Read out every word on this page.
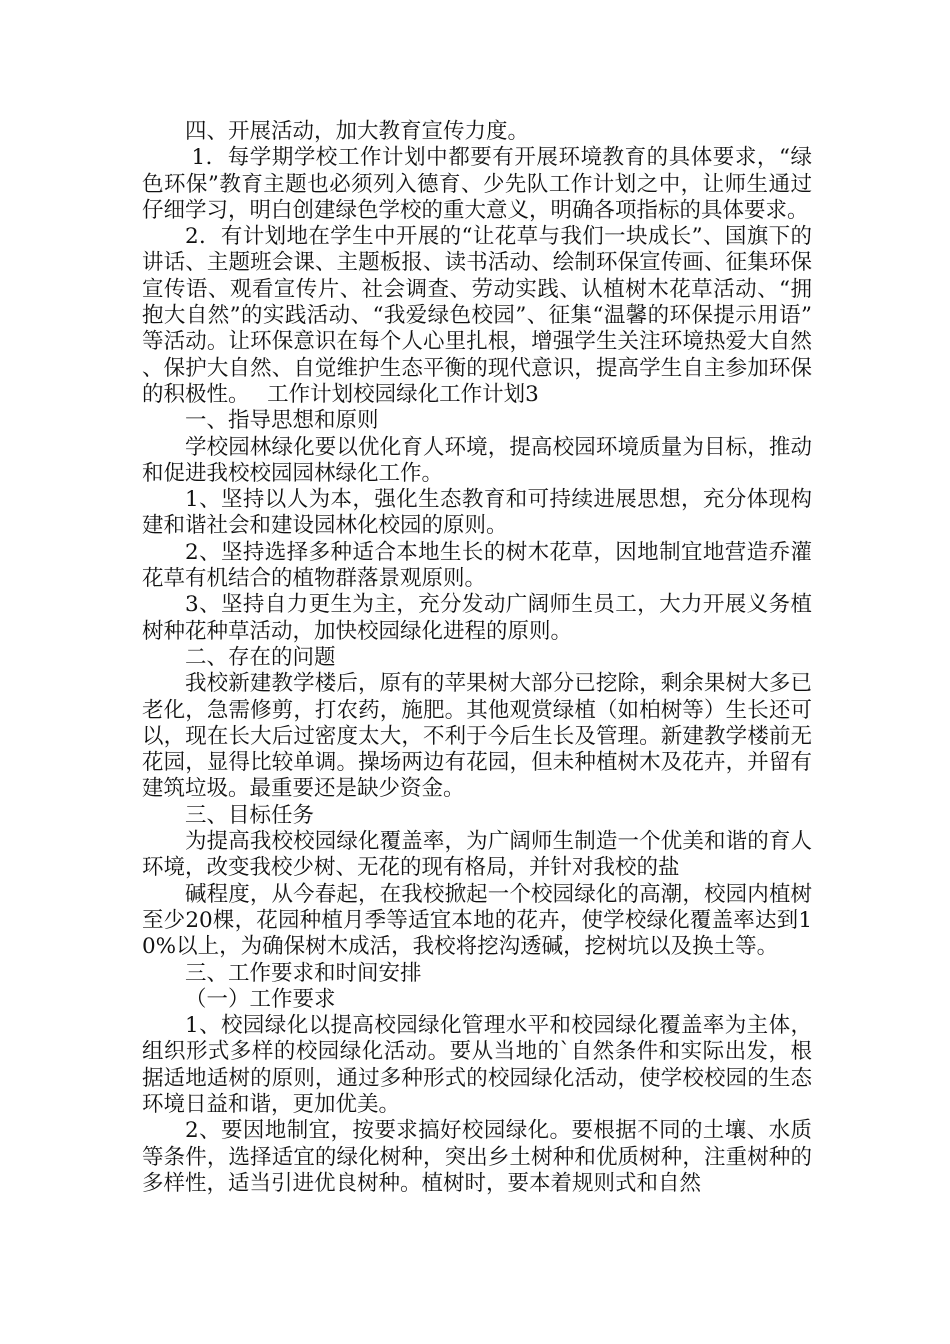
四、开展活动，加大教育宣传力度。

1．每学期学校工作计划中都要有开展环境教育的具体要求，“绿色环保”教育主题也必须列入德育、少先队工作计划之中，让师生通过仔细学习，明白创建绿色学校的重大意义，明确各项指标的具体要求。

2．有计划地在学生中开展的“让花草与我们一块成长”、国旗下的讲话、主题班会课、主题板报、读书活动、绘制环保宣传画、征集环保宣传语、观看宣传片、社会调查、劳动实践、认植树木花草活动、“拥抱大自然”的实践活动、“我爱绿色校园”、征集“温馨的环保提示用语”等活动。让环保意识在每个人心里扎根，增强学生关注环境热爱大自然、保护大自然、自觉维护生态平衡的现代意识，提高学生自主参加环保的积极性。　 工作计划校园绿化工作计划3

一、指导思想和原则

学校园林绿化要以优化育人环境，提高校园环境质量为目标，推动和促进我校校园园林绿化工作。

1、坚持以人为本，强化生态教育和可持续进展思想，充分体现构建和谐社会和建设园林化校园的原则。

2、坚持选择多种适合本地生长的树木花草，因地制宜地营造乔灌花草有机结合的植物群落景观原则。

3、坚持自力更生为主，充分发动广阔师生员工，大力开展义务植树种花种草活动，加快校园绿化进程的原则。

二、存在的问题

我校新建教学楼后，原有的苹果树大部分已挖除，剩余果树大多已老化，急需修剪，打农药，施肥。其他观赏绿植（如柏树等）生长还可以，现在长大后过密度太大，不利于今后生长及管理。新建教学楼前无花园，显得比较单调。操场两边有花园，但未种植树木及花卉，并留有建筑垃圾。最重要还是缺少资金。

三、目标任务

为提高我校校园绿化覆盖率，为广阔师生制造一个优美和谐的育人环境，改变我校少树、无花的现有格局，并针对我校的盐

碱程度，从今春起，在我校掀起一个校园绿化的高潮，校园内植树至少20棵，花园种植月季等适宜本地的花卉，使学校绿化覆盖率达到10%以上，为确保树木成活，我校将挖沟透碱，挖树坑以及换土等。

三、工作要求和时间安排

（一）工作要求

1、校园绿化以提高校园绿化管理水平和校园绿化覆盖率为主体，组织形式多样的校园绿化活动。要从当地的`自然条件和实际出发，根据适地适树的原则，通过多种形式的校园绿化活动，使学校校园的生态环境日益和谐，更加优美。

2、要因地制宜，按要求搞好校园绿化。要根据不同的土壤、水质等条件，选择适宜的绿化树种，突出乡土树种和优质树种，注重树种的多样性，适当引进优良树种。植树时，要本着规则式和自然
